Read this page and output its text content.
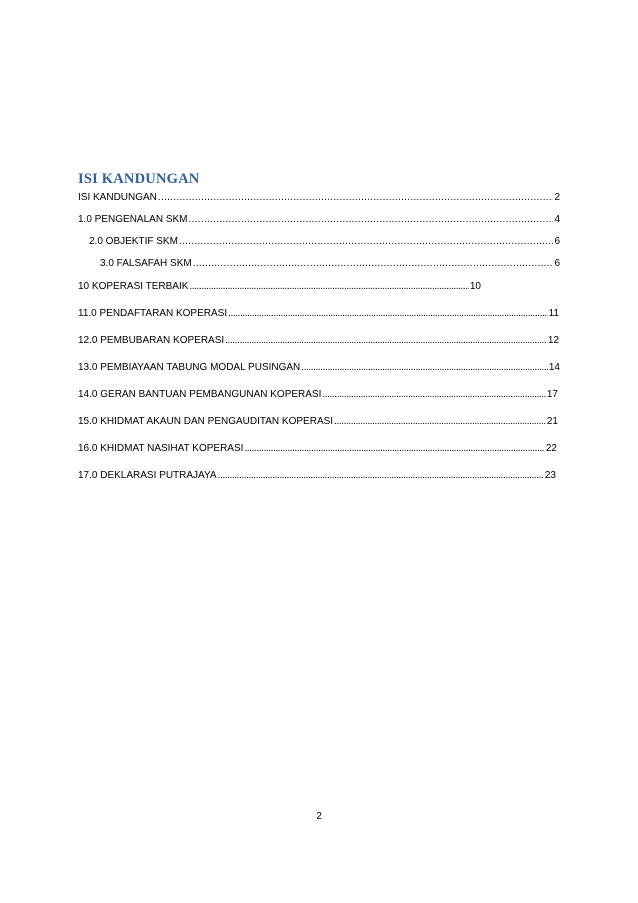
ISI KANDUNGAN
ISI KANDUNGAN .....	2
1.0 PENGENALAN SKM .....	4
2.0 OBJEKTIF SKM .....	6
3.0 FALSAFAH SKM .....	6
10 KOPERASI TERBAIK .....	10
11.0 PENDAFTARAN KOPERASI .....	11
12.0 PEMBUBARAN KOPERASI .....	12
13.0 PEMBIAYAAN TABUNG MODAL PUSINGAN .....	14
14.0 GERAN BANTUAN PEMBANGUNAN KOPERASI .....	17
15.0 KHIDMAT AKAUN DAN PENGAUDITAN KOPERASI .....	21
16.0 KHIDMAT NASIHAT KOPERASI .....	22
17.0 DEKLARASI PUTRAJAYA .....	23
2
